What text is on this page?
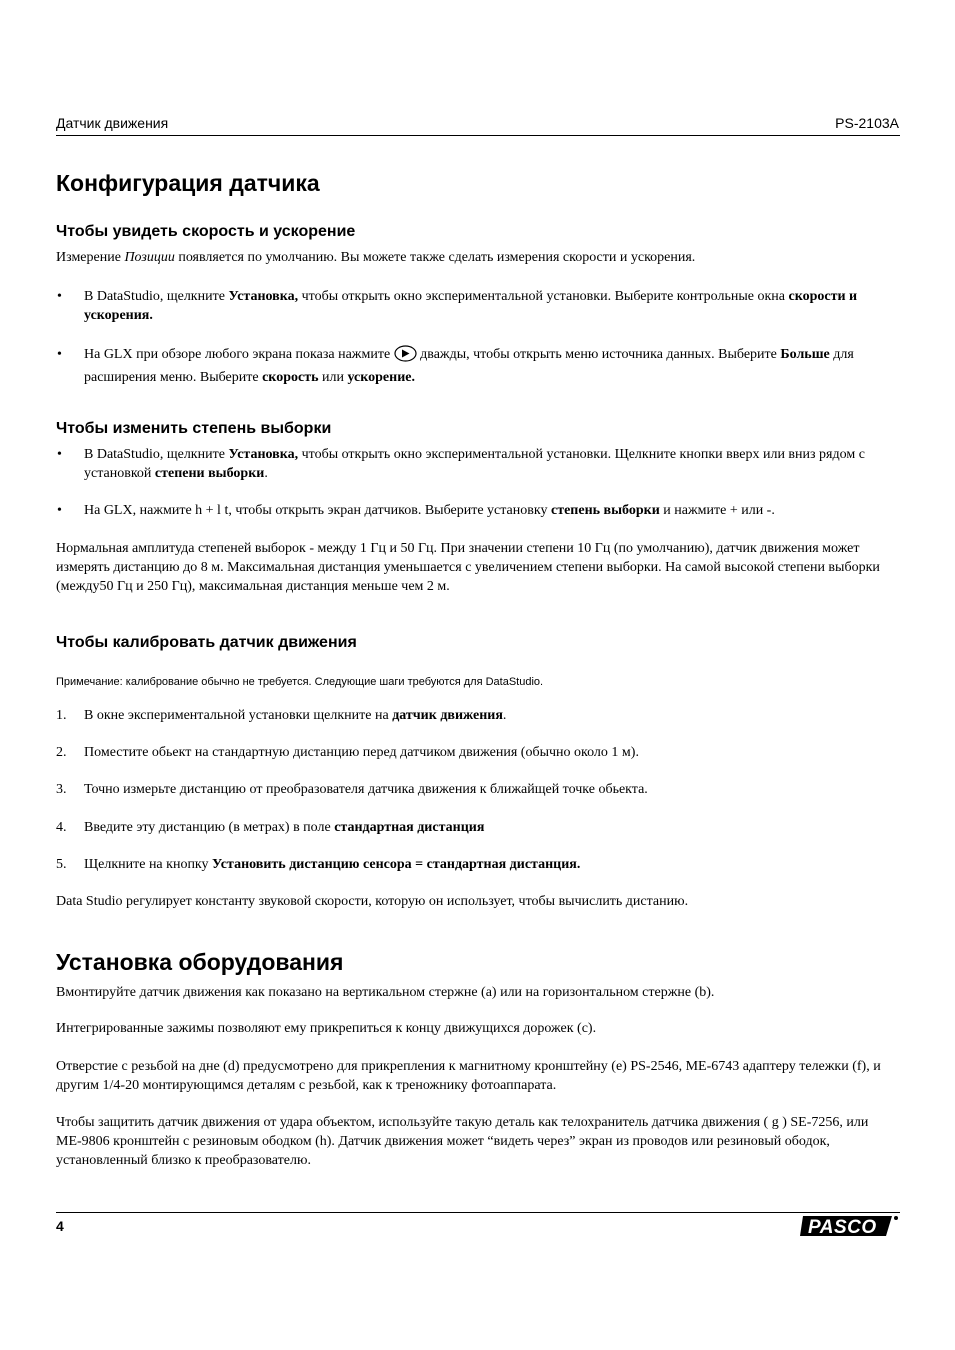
Датчик движения	PS-2103A
Конфигурация датчика
Чтобы увидеть скорость и ускорение
Измерение Позиции появляется по умолчанию. Вы можете также сделать измерения скорости и ускорения.
• В DataStudio, щелкните Установка, чтобы открыть окно экспериментальной установки. Выберите контрольные окна скорости и ускорения.
• На GLX при обзоре любого экрана показа нажмите  дважды, чтобы открыть меню источника данных. Выберите Больше для расширения меню. Выберите скорость или ускорение.
Чтобы изменить степень выборки
• В DataStudio, щелкните Установка, чтобы открыть окно экспериментальной установки. Щелкните кнопки вверх или вниз рядом с установкой степени выборки.
• На GLX, нажмите h + l t, чтобы открыть экран датчиков. Выберите установку степень выборки и нажмите + или -.
Нормальная амплитуда степеней выборок - между 1 Гц и 50 Гц. При значении степени 10 Гц (по умолчанию), датчик движения может измерять дистанцию до 8 м. Максимальная дистанция уменьшается с увеличением степени выборки. На самой высокой степени выборки (между50 Гц и 250 Гц), максимальная дистанция меньше чем 2 м.
Чтобы калибровать датчик движения
Примечание: калибрование обычно не требуется. Следующие шаги требуются для DataStudio.
1. В окне экспериментальной установки щелкните на датчик движения.
2. Поместите обьект на стандартную дистанцию перед датчиком движения (обычно около 1 м).
3. Точно измерьте дистанцию от преобразователя датчика движения к ближайщей точке обьекта.
4. Введите эту дистанцию (в метрах) в поле стандартная дистанция
5. Щелкните на кнопку Установить дистанцию сенсора = стандартная дистанция.
Data Studio регулирует константу звуковой скорости, которую он использует, чтобы вычислить дистанию.
Установка оборудования
Вмонтируйте датчик движения как показано на вертикальном стержне (a) или на горизонтальном стержне (b).
Интегрированные зажимы позволяют ему прикрепиться к концу движущихся дорожек (c).
Отверстие с резьбой на дне (d) предусмотрено для прикрепления к магнитному кронштейну (e) PS-2546, ME-6743 адаптеру тележки (f), и другим 1/4-20 монтирующимся деталям с резьбой, как к треножнику фотоаппарата.
Чтобы защитить датчик движения от удара объектом, используйте такую деталь как телохранитель датчика движения ( g ) SE-7256, или ME-9806 кронштейн с резиновым ободком (h). Датчик движения может “видеть через” экран из проводов или резиновый ободок, установленный близко к преобразователю.
4	PASCO
